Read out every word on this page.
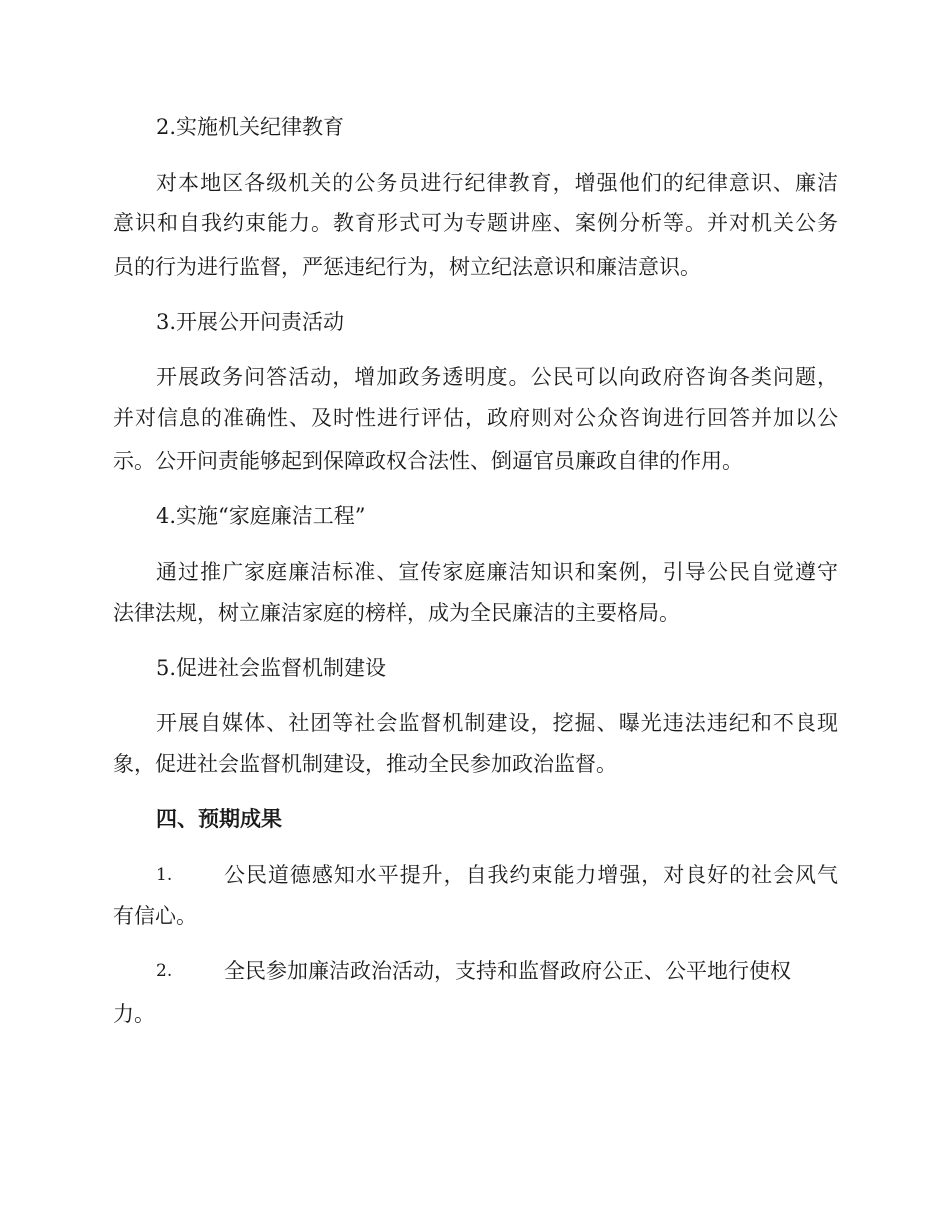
2.实施机关纪律教育
对本地区各级机关的公务员进行纪律教育，增强他们的纪律意识、廉洁
意识和自我约束能力。教育形式可为专题讲座、案例分析等。并对机关公务
员的行为进行监督，严惩违纪行为，树立纪法意识和廉洁意识。
3.开展公开问责活动
开展政务问答活动，增加政务透明度。公民可以向政府咨询各类问题，
并对信息的准确性、及时性进行评估，政府则对公众咨询进行回答并加以公
示。公开问责能够起到保障政权合法性、倒逼官员廉政自律的作用。
4.实施“家庭廉洁工程”
通过推广家庭廉洁标准、宣传家庭廉洁知识和案例，引导公民自觉遵守
法律法规，树立廉洁家庭的榜样，成为全民廉洁的主要格局。
5.促进社会监督机制建设
开展自媒体、社团等社会监督机制建设，挖掘、曝光违法违纪和不良现
象，促进社会监督机制建设，推动全民参加政治监督。
四、预期成果
1. 公民道德感知水平提升，自我约束能力增强，对良好的社会风气
有信心。
2. 全民参加廉洁政治活动，支持和监督政府公正、公平地行使权
力。
